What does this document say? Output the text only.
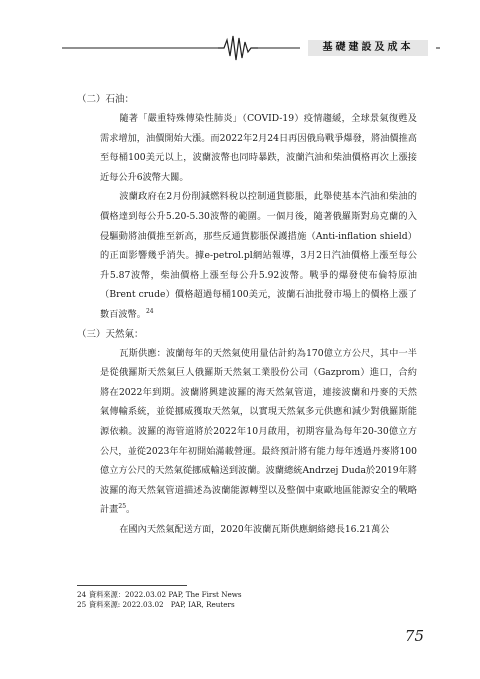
基礎建設及成本

（二）石油：

隨著「嚴重特殊傳染性肺炎」（COVID-19）疫情趨緩，全球景氣復甦及需求增加，油價開始大漲。而2022年2月24日再因俄烏戰爭爆發，將油價推高至每桶100美元以上，波蘭波幣也同時暴跌，波蘭汽油和柴油價格再次上漲接近每公升6波幣大關。

波蘭政府在2月份削減燃料稅以控制通貨膨脹，此舉使基本汽油和柴油的價格達到每公升5.20-5.30波幣的範圍。一個月後，隨著俄羅斯對烏克蘭的入侵驅動將油價推至新高，那些反通貨膨脹保護措施（Anti-inflation shield）的正面影響幾乎消失。據e-petrol.pl網站報導，3月2日汽油價格上漲至每公升5.87波幣，柴油價格上漲至每公升5.92波幣。戰爭的爆發使布倫特原油（Brent crude）價格超過每桶100美元，波蘭石油批發市場上的價格上漲了數百波幣。$^{24}$

（三）天然氣：

瓦斯供應：波蘭每年的天然氣使用量估計約為170億立方公尺，其中一半是從俄羅斯天然氣巨人俄羅斯天然氣工業股份公司（Gazprom）進口，合約將在2022年到期。波蘭將興建波羅的海天然氣管道，連接波蘭和丹麥的天然氣傳輸系統，並從挪威獲取天然氣，以實現天然氣多元供應和減少對俄羅斯能源依賴。波羅的海管道將於2022年10月啟用，初期容量為每年20-30億立方公尺，並從2023年年初開始滿載營運。最終預計將有能力每年透過丹麥將100億立方公尺的天然氣從挪威輸送到波蘭。波蘭總統Andrzej Duda於2019年將波羅的海天然氣管道描述為波蘭能源轉型以及整個中東歐地區能源安全的戰略計畫$^{25}$。

在國內天然氣配送方面，2020年波蘭瓦斯供應網絡總長16.21萬公

24 資料來源：2022.03.02 PAP, The First News

25 資料來源: 2022.03.02　PAP, IAR, Reuters

75
